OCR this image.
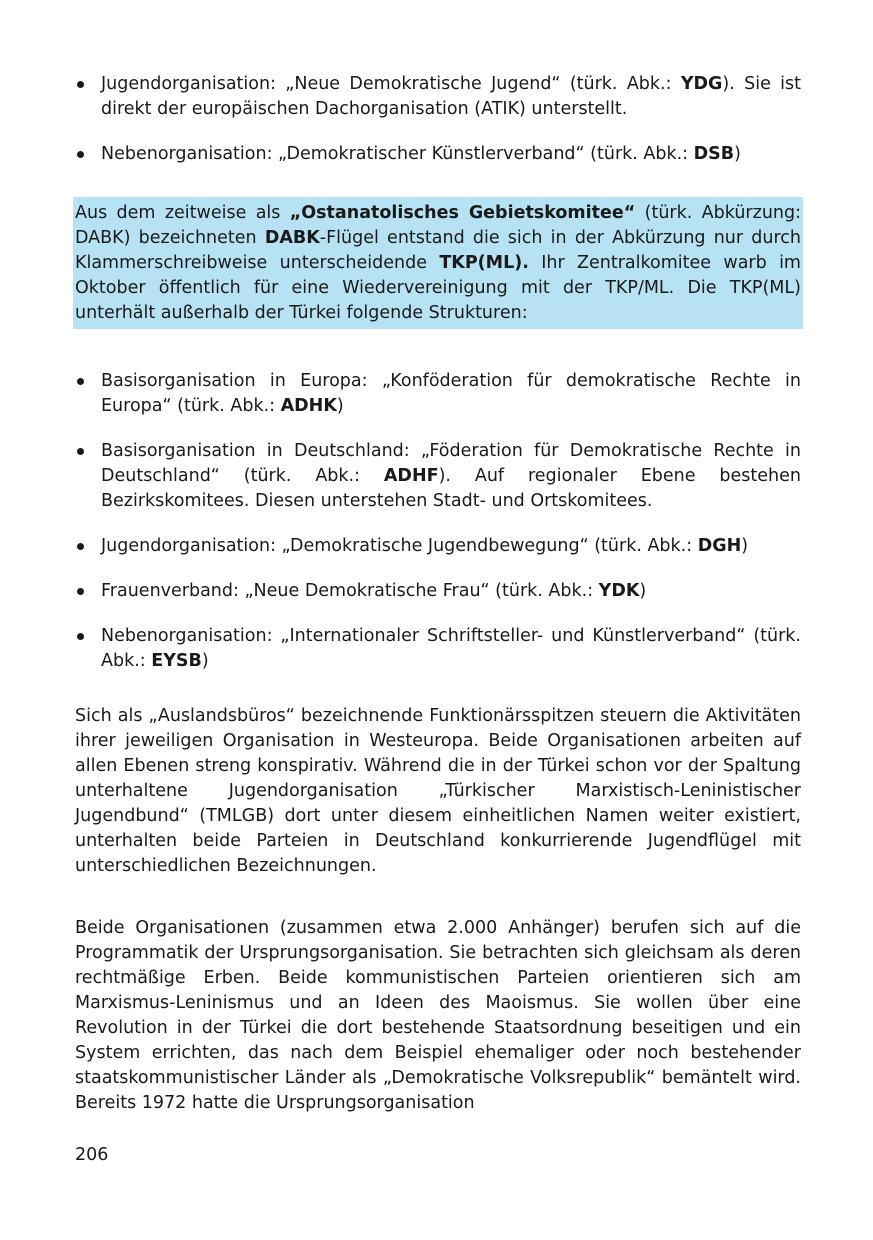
Jugendorganisation: „Neue Demokratische Jugend“ (türk. Abk.: YDG). Sie ist direkt der europäischen Dachorganisation (ATIK) unterstellt.
Nebenorganisation: „Demokratischer Künstlerverband“ (türk. Abk.: DSB)
Aus dem zeitweise als „Ostanatolisches Gebietskomitee“ (türk. Abkürzung: DABK) bezeichneten DABK-Flügel entstand die sich in der Abkürzung nur durch Klammerschreibweise unterscheidende TKP(ML). Ihr Zentralkomitee warb im Oktober öffentlich für eine Wiedervereinigung mit der TKP/ML. Die TKP(ML) unterhält außerhalb der Türkei folgende Strukturen:
Basisorganisation in Europa: „Konföderation für demokratische Rechte in Europa“ (türk. Abk.: ADHK)
Basisorganisation in Deutschland: „Föderation für Demokratische Rechte in Deutschland“ (türk. Abk.: ADHF). Auf regionaler Ebene bestehen Bezirkskomitees. Diesen unterstehen Stadt- und Ortskomitees.
Jugendorganisation: „Demokratische Jugendbewegung“ (türk. Abk.: DGH)
Frauenverband: „Neue Demokratische Frau“ (türk. Abk.: YDK)
Nebenorganisation: „Internationaler Schriftsteller- und Künstlerverband“ (türk. Abk.: EYSB)

Sich als „Auslandsbüros“ bezeichnende Funktionärsspitzen steuern die Aktivitäten ihrer jeweiligen Organisation in Westeuropa. Beide Organisationen arbeiten auf allen Ebenen streng konspirativ. Während die in der Türkei schon vor der Spaltung unterhaltene Jugendorganisation „Türkischer Marxistisch-Leninistischer Jugendbund“ (TMLGB) dort unter diesem einheitlichen Namen weiter existiert, unterhalten beide Parteien in Deutschland konkurrierende Jugendflügel mit unterschiedlichen Bezeichnungen.

Beide Organisationen (zusammen etwa 2.000 Anhänger) berufen sich auf die Programmatik der Ursprungsorganisation. Sie betrachten sich gleichsam als deren rechtmäßige Erben. Beide kommunistischen Parteien orientieren sich am Marxismus-Leninismus und an Ideen des Maoismus. Sie wollen über eine Revolution in der Türkei die dort bestehende Staatsordnung beseitigen und ein System errichten, das nach dem Beispiel ehemaliger oder noch bestehender staatskommunistischer Länder als „Demokratische Volksrepublik“ bemäntelt wird. Bereits 1972 hatte die Ursprungsorganisation

206
